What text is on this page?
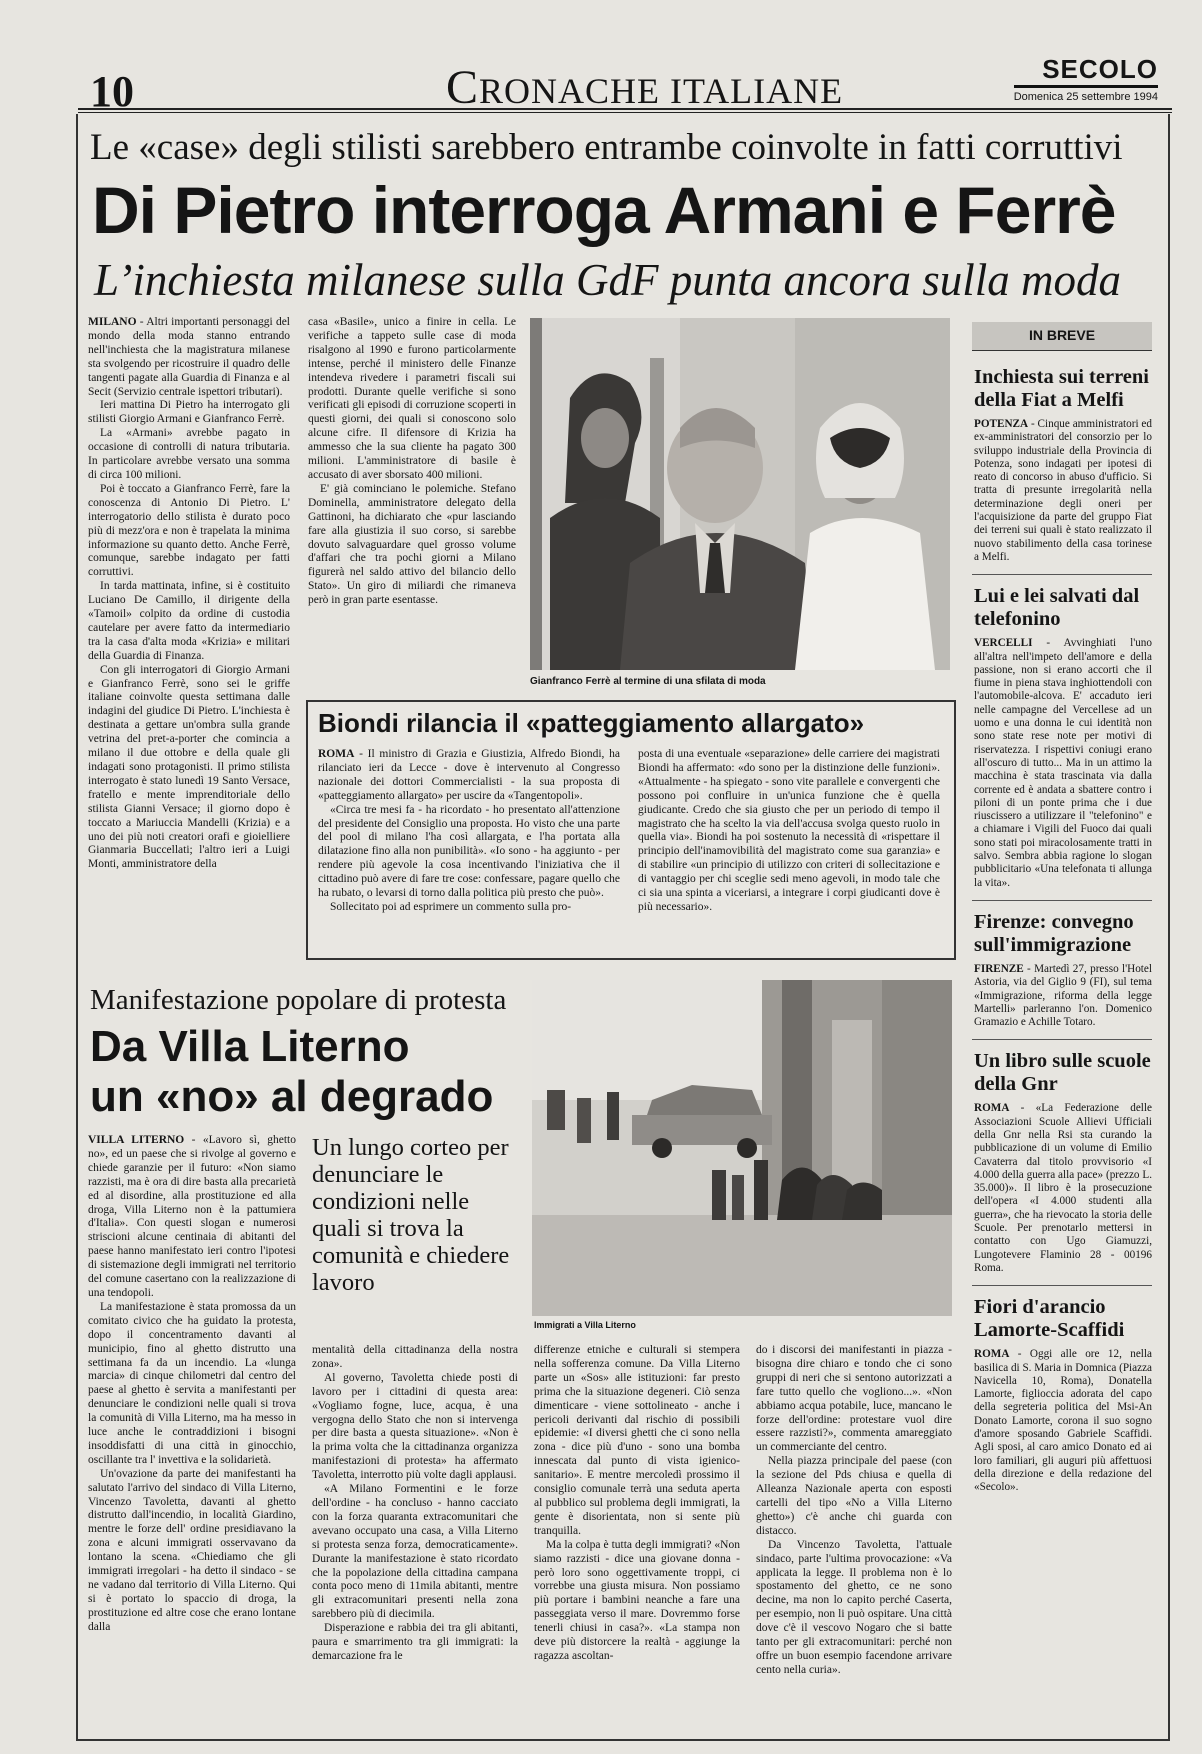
10	CRONACHE ITALIANE
SECOLO
Domenica 25 settembre 1994
Le «case» degli stilisti sarebbero entrambe coinvolte in fatti corruttivi
Di Pietro interroga Armani e Ferrè
L’inchiesta milanese sulla GdF punta ancora sulla moda

MILANO - Altri importanti personaggi del mondo della moda stanno entrando nell'inchiesta che la magistratura milanese sta svolgendo per ricostruire il quadro delle tangenti pagate alla Guardia di Finanza e al Secit (Servizio centrale ispettori tributari).

Ieri mattina Di Pietro ha interrogato gli stilisti Giorgio Armani e Gianfranco Ferrè.

La «Armani» avrebbe pagato in occasione di controlli di natura tributaria. In particolare avrebbe versato una somma di circa 100 milioni.

Poi è toccato a Gianfranco Ferrè, fare la conoscenza di Antonio Di Pietro. L' interrogatorio dello stilista è durato poco più di mezz'ora e non è trapelata la minima informazione su quanto detto. Anche Ferrè, comunque, sarebbe indagato per fatti corruttivi.

In tarda mattinata, infine, si è costituito Luciano De Camillo, il dirigente della «Tamoil» colpito da ordine di custodia cautelare per avere fatto da intermediario tra la casa d'alta moda «Krizia» e militari della Guardia di Finanza.

Con gli interrogatori di Giorgio Armani e Gianfranco Ferrè, sono sei le griffe italiane coinvolte questa settimana dalle indagini del giudice Di Pietro. L'inchiesta è destinata a gettare un'ombra sulla grande vetrina del pret-a-porter che comincia a milano il due ottobre e della quale gli indagati sono protagonisti. Il primo stilista interrogato è stato lunedì 19 Santo Versace, fratello e mente imprenditoriale dello stilista Gianni Versace; il giorno dopo è toccato a Mariuccia Mandelli (Krizia) e a uno dei più noti creatori orafi e gioielliere Gianmaria Buccellati; l'altro ieri a Luigi Monti, amministratore della

casa «Basile», unico a finire in cella. Le verifiche a tappeto sulle case di moda risalgono al 1990 e furono particolarmente intense, perché il ministero delle Finanze intendeva rivedere i parametri fiscali sui prodotti. Durante quelle verifiche si sono verificati gli episodi di corruzione scoperti in questi giorni, dei quali si conoscono solo alcune cifre. Il difensore di Krizia ha ammesso che la sua cliente ha pagato 300 milioni. L'amministratore di basile è accusato di aver sborsato 400 milioni.

E' già cominciano le polemiche. Stefano Dominella, amministratore delegato della Gattinoni, ha dichiarato che «pur lasciando fare alla giustizia il suo corso, si sarebbe dovuto salvaguardare quel grosso volume d'affari che tra pochi giorni a Milano figurerà nel saldo attivo del bilancio dello Stato». Un giro di miliardi che rimaneva però in gran parte esentasse.

Gianfranco Ferrè al termine di una sfilata di moda
Biondi rilancia il «patteggiamento allargato»

ROMA - Il ministro di Grazia e Giustizia, Alfredo Biondi, ha rilanciato ieri da Lecce - dove è intervenuto al Congresso nazionale dei dottori Commercialisti - la sua proposta di «patteggiamento allargato» per uscire da «Tangentopoli».

«Circa tre mesi fa - ha ricordato - ho presentato all'attenzione del presidente del Consiglio una proposta. Ho visto che una parte del pool di milano l'ha così allargata, e l'ha portata alla dilatazione fino alla non punibilità». «Io sono - ha aggiunto - per rendere più agevole la cosa incentivando l'iniziativa che il cittadino può avere di fare tre cose: confessare, pagare quello che ha rubato, o levarsi di torno dalla politica più presto che può».

Sollecitato poi ad esprimere un commento sulla pro-

posta di una eventuale «separazione» delle carriere dei magistrati Biondi ha affermato: «do sono per la distinzione delle funzioni». «Attualmente - ha spiegato - sono vite parallele e convergenti che possono poi confluire in un'unica funzione che è quella giudicante. Credo che sia giusto che per un periodo di tempo il magistrato che ha scelto la via dell'accusa svolga questo ruolo in quella via». Biondi ha poi sostenuto la necessità di «rispettare il principio dell'inamovibilità del magistrato come sua garanzia» e di stabilire «un principio di utilizzo con criteri di sollecitazione e di vantaggio per chi sceglie sedi meno agevoli, in modo tale che ci sia una spinta a viceriarsi, a integrare i corpi giudicanti dove è più necessario».

IN BREVE
Inchiesta sui terreni della Fiat a Melfi
POTENZA - Cinque amministratori ed ex-amministratori del consorzio per lo sviluppo industriale della Provincia di Potenza, sono indagati per ipotesi di reato di concorso in abuso d'ufficio. Si tratta di presunte irregolarità nella determinazione degli oneri per l'acquisizione da parte del gruppo Fiat dei terreni sui quali è stato realizzato il nuovo stabilimento della casa torinese a Melfi.
Lui e lei salvati dal telefonino
VERCELLI - Avvinghiati l'uno all'altra nell'impeto dell'amore e della passione, non si erano accorti che il fiume in piena stava inghiottendoli con l'automobile-alcova. E' accaduto ieri nelle campagne del Vercellese ad un uomo e una donna le cui identità non sono state rese note per motivi di riservatezza. I rispettivi coniugi erano all'oscuro di tutto... Ma in un attimo la macchina è stata trascinata via dalla corrente ed è andata a sbattere contro i piloni di un ponte prima che i due riuscissero a utilizzare il "telefonino" e a chiamare i Vigili del Fuoco dai quali sono stati poi miracolosamente tratti in salvo. Sembra abbia ragione lo slogan pubblicitario «Una telefonata ti allunga la vita».
Firenze: convegno sull'immigrazione
FIRENZE - Martedì 27, presso l'Hotel Astoria, via del Giglio 9 (FI), sul tema «Immigrazione, riforma della legge Martelli» parleranno l'on. Domenico Gramazio e Achille Totaro.
Un libro sulle scuole della Gnr
ROMA - «La Federazione delle Associazioni Scuole Allievi Ufficiali della Gnr nella Rsi sta curando la pubblicazione di un volume di Emilio Cavaterra dal titolo provvisorio «I 4.000 della guerra alla pace» (prezzo L. 35.000)». Il libro è la prosecuzione dell'opera «I 4.000 studenti alla guerra», che ha rievocato la storia delle Scuole. Per prenotarlo mettersi in contatto con Ugo Giamuzzi, Lungotevere Flaminio 28 - 00196 Roma.
Fiori d'arancio Lamorte-Scaffidi
ROMA - Oggi alle ore 12, nella basilica di S. Maria in Domnica (Piazza Navicella 10, Roma), Donatella Lamorte, figlioccia adorata del capo della segreteria politica del Msi-An Donato Lamorte, corona il suo sogno d'amore sposando Gabriele Scaffidi. Agli sposi, al caro amico Donato ed ai loro familiari, gli auguri più affettuosi della direzione e della redazione del «Secolo».
Manifestazione popolare di protesta
Da Villa Literno
un «no» al degrado
Immigrati a Villa Literno
Un lungo corteo per denunciare le condizioni nelle quali si trova la comunità e chiedere lavoro

VILLA LITERNO - «Lavoro sì, ghetto no», ed un paese che si rivolge al governo e chiede garanzie per il futuro: «Non siamo razzisti, ma è ora di dire basta alla precarietà ed al disordine, alla prostituzione ed alla droga, Villa Literno non è la pattumiera d'Italia». Con questi slogan e numerosi striscioni alcune centinaia di abitanti del paese hanno manifestato ieri contro l'ipotesi di sistemazione degli immigrati nel territorio del comune casertano con la realizzazione di una tendopoli.

La manifestazione è stata promossa da un comitato civico che ha guidato la protesta, dopo il concentramento davanti al municipio, fino al ghetto distrutto una settimana fa da un incendio. La «lunga marcia» di cinque chilometri dal centro del paese al ghetto è servita a manifestanti per denunciare le condizioni nelle quali si trova la comunità di Villa Literno, ma ha messo in luce anche le contraddizioni i bisogni insoddisfatti di una città in ginocchio, oscillante tra l' invettiva e la solidarietà.

Un'ovazione da parte dei manifestanti ha salutato l'arrivo del sindaco di Villa Literno, Vincenzo Tavoletta, davanti al ghetto distrutto dall'incendio, in località Giardino, mentre le forze dell' ordine presidiavano la zona e alcuni immigrati osservavano da lontano la scena. «Chiediamo che gli immigrati irregolari - ha detto il sindaco - se ne vadano dal territorio di Villa Literno. Qui si è portato lo spaccio di droga, la prostituzione ed altre cose che erano lontane dalla

mentalità della cittadinanza della nostra zona».

Al governo, Tavoletta chiede posti di lavoro per i cittadini di questa area: «Vogliamo fogne, luce, acqua, è una vergogna dello Stato che non si intervenga per dire basta a questa situazione». «Non è la prima volta che la cittadinanza organizza manifestazioni di protesta» ha affermato Tavoletta, interrotto più volte dagli applausi.

«A Milano Formentini e le forze dell'ordine - ha concluso - hanno cacciato con la forza quaranta extracomunitari che avevano occupato una casa, a Villa Literno si protesta senza forza, democraticamente». Durante la manifestazione è stato ricordato che la popolazione della cittadina campana conta poco meno di 11mila abitanti, mentre gli extracomunitari presenti nella zona sarebbero più di diecimila.

Disperazione e rabbia dei tra gli abitanti, paura e smarrimento tra gli immigrati: la demarcazione fra le

differenze etniche e culturali si stempera nella sofferenza comune. Da Villa Literno parte un «Sos» alle istituzioni: far presto prima che la situazione degeneri. Ciò senza dimenticare - viene sottolineato - anche i pericoli derivanti dal rischio di possibili epidemie: «I diversi ghetti che ci sono nella zona - dice più d'uno - sono una bomba innescata dal punto di vista igienico-sanitario». E mentre mercoledì prossimo il consiglio comunale terrà una seduta aperta al pubblico sul problema degli immigrati, la gente è disorientata, non si sente più tranquilla.

Ma la colpa è tutta degli immigrati? «Non siamo razzisti - dice una giovane donna - però loro sono oggettivamente troppi, ci vorrebbe una giusta misura. Non possiamo più portare i bambini neanche a fare una passeggiata verso il mare. Dovremmo forse tenerli chiusi in casa?». «La stampa non deve più distorcere la realtà - aggiunge la ragazza ascoltan-

do i discorsi dei manifestanti in piazza - bisogna dire chiaro e tondo che ci sono gruppi di neri che si sentono autorizzati a fare tutto quello che vogliono...». «Non abbiamo acqua potabile, luce, mancano le forze dell'ordine: protestare vuol dire essere razzisti?», commenta amareggiato un commerciante del centro.

Nella piazza principale del paese (con la sezione del Pds chiusa e quella di Alleanza Nazionale aperta con esposti cartelli del tipo «No a Villa Literno ghetto») c'è anche chi guarda con distacco.

Da Vincenzo Tavoletta, l'attuale sindaco, parte l'ultima provocazione: «Va applicata la legge. Il problema non è lo spostamento del ghetto, ce ne sono decine, ma non lo capito perché Caserta, per esempio, non li può ospitare. Una città dove c'è il vescovo Nogaro che si batte tanto per gli extracomunitari: perché non offre un buon esempio facendone arrivare cento nella curia».
